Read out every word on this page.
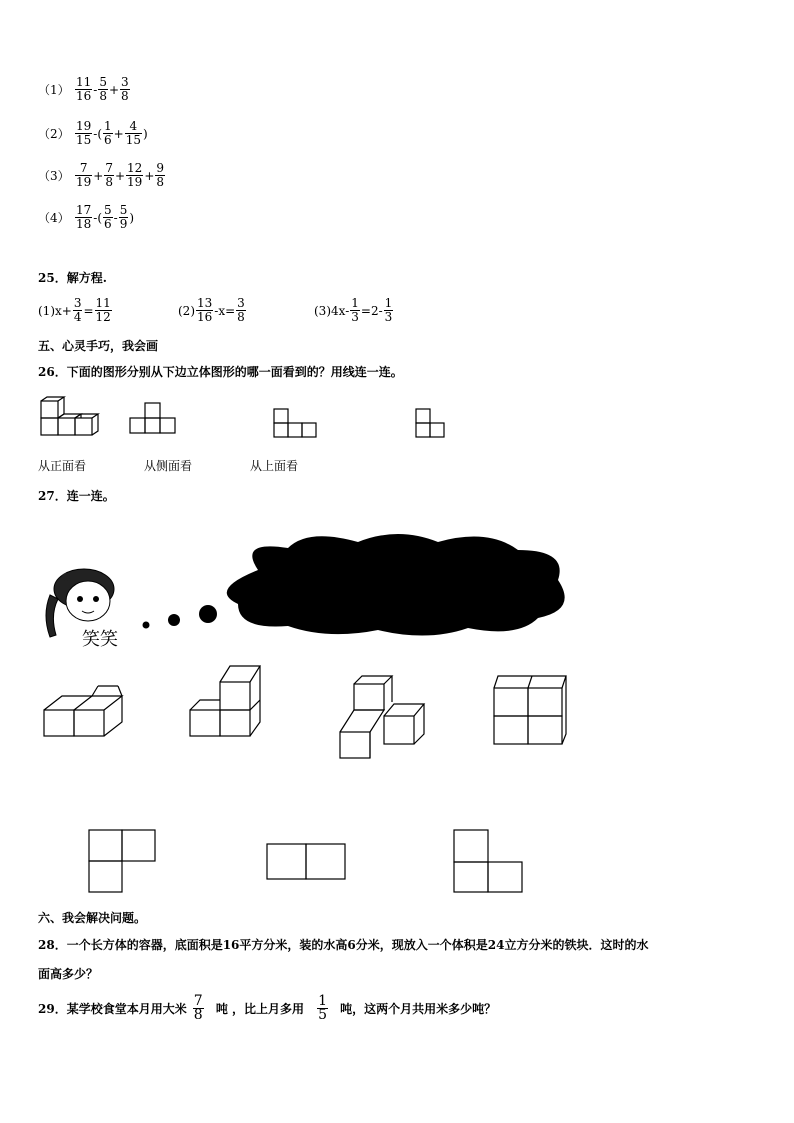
$(1) \frac{11}{16} - \frac{5}{8} + \frac{3}{8}$
$(2) \frac{19}{15}$ -( $\frac{1}{6} + \frac{4}{15}$ )
$(3) \frac{7}{19} + \frac{7}{8} + \frac{12}{19} + \frac{9}{8}$
$(4) \frac{17}{18}$ -( $\frac{5}{6} - \frac{5}{9}$ )
25．解方程.
$(1)x+ \frac{3}{4} = \frac{11}{12}$	$(2) \frac{13}{16} -x= \frac{3}{8}$	$(3)4x- \frac{1}{3} =2- \frac{1}{3}$
五、心灵手巧，我会画
26．下面的图形分别从下边立体图形的哪一面看到的？用线连一连。
从正面看	从侧面看	从上面看
27．连一连。
笑笑
下面的立体图形从上面看到的分别
是什么形状？请连一连。
六、我会解决问题。
28．一个长方体的容器，底面积是16平方分米，装的水高6分米，现放入一个体积是24立方分米的铁块．这时的水
面高多少？
29．某学校食堂本月用大米 $\frac{7}{8}$ 吨 ，比上月多用 $\frac{1}{5}$ 吨，这两个月共用米多少吨？
